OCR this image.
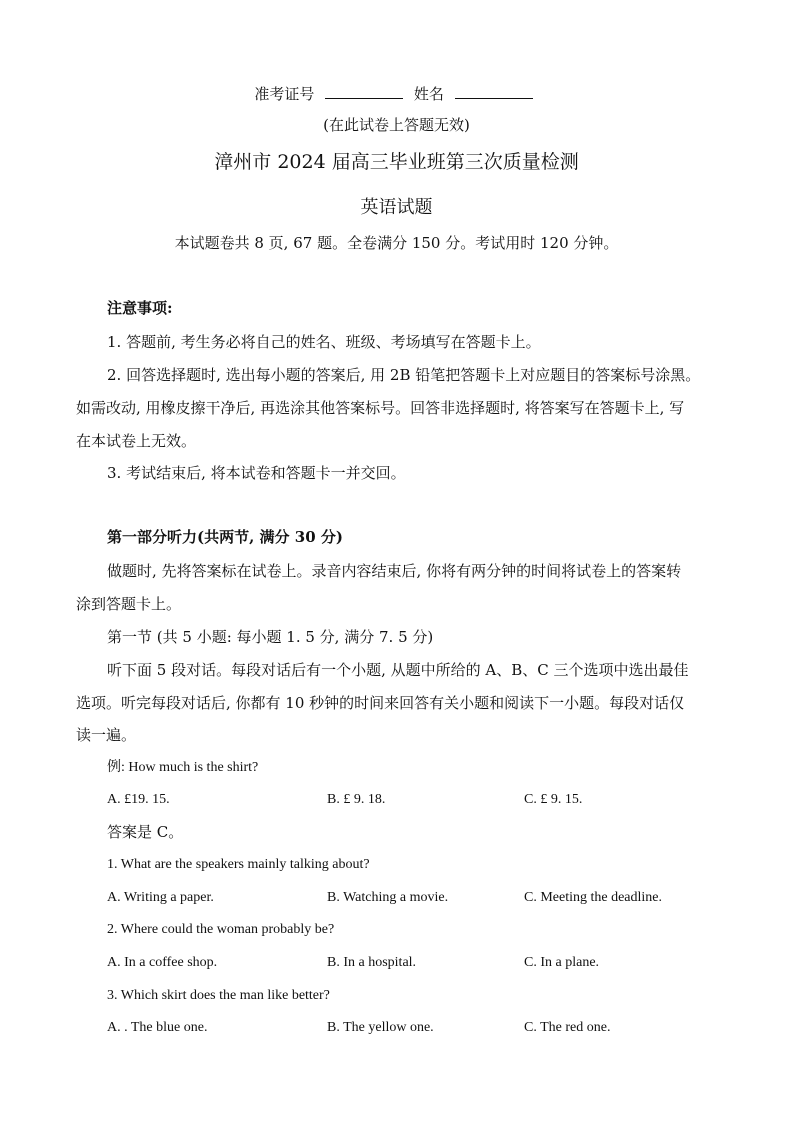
准考证号	姓名
(在此试卷上答题无效)
漳州市 2024 届高三毕业班第三次质量检测
英语试题
本试题卷共 8 页, 67 题。全卷满分 150 分。考试用时 120 分钟。
注意事项:
1. 答题前, 考生务必将自己的姓名、班级、考场填写在答题卡上。
2. 回答选择题时, 选出每小题的答案后, 用 2B 铅笔把答题卡上对应题目的答案标号涂黑。
如需改动, 用橡皮擦干净后, 再选涂其他答案标号。回答非选择题时, 将答案写在答题卡上, 写
在本试卷上无效。
3. 考试结束后, 将本试卷和答题卡一并交回。
第一部分听力(共两节, 满分 30 分)
做题时, 先将答案标在试卷上。录音内容结束后, 你将有两分钟的时间将试卷上的答案转
涂到答题卡上。
第一节 (共 5 小题: 每小题 1. 5 分, 满分 7. 5 分)
听下面 5 段对话。每段对话后有一个小题, 从题中所给的 A、B、C 三个选项中选出最佳
选项。听完每段对话后, 你都有 10 秒钟的时间来回答有关小题和阅读下一小题。每段对话仅
读一遍。
例: How much is the shirt?
A. £19. 15.	B. £ 9. 18.	C. £ 9. 15.
答案是 C。
1. What are the speakers mainly talking about?
A. Writing a paper.	B. Watching a movie.	C. Meeting the deadline.
2. Where could the woman probably be?
A. In a coffee shop.	B. In a hospital.	C. In a plane.
3. Which skirt does the man like better?
A. . The blue one.	B. The yellow one.	C. The red one.
